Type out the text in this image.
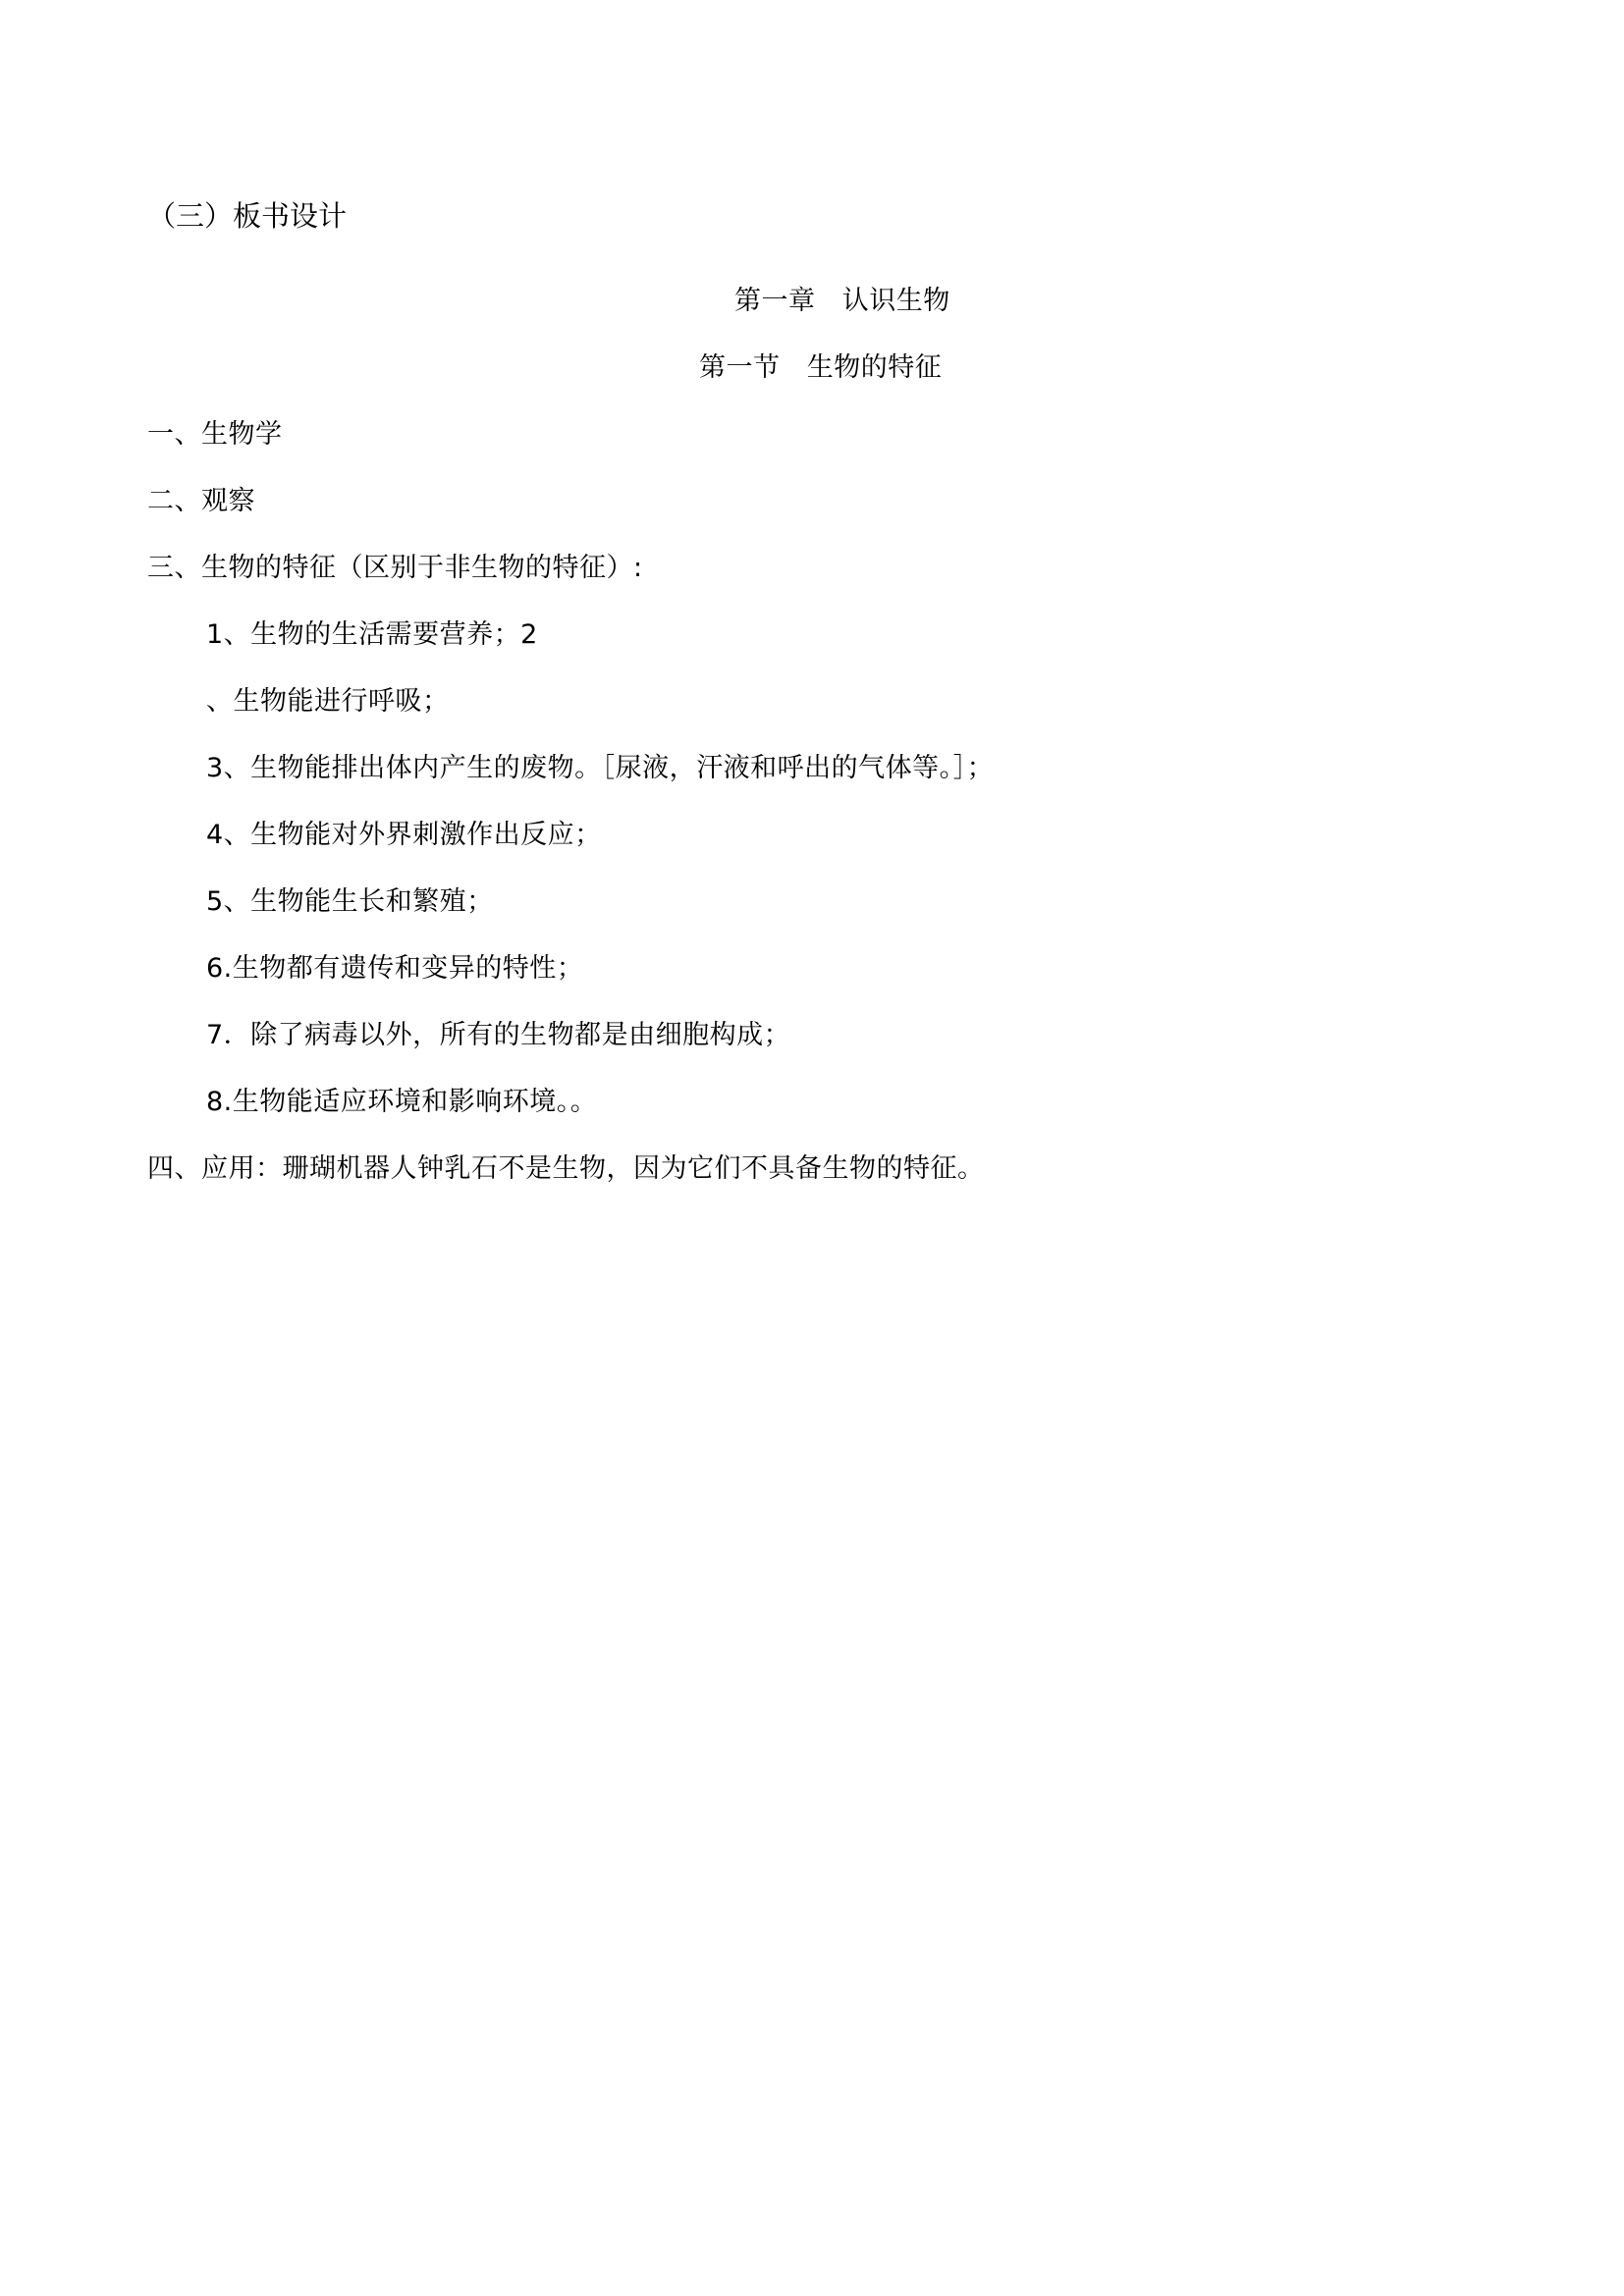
（三）板书设计
第一章   认识生物
第一节   生物的特征
一、生物学
二、观察
三、生物的特征（区别于非生物的特征）:
1、生物的生活需要营养；2
、生物能进行呼吸；
3、生物能排出体内产生的废物。［尿液，汗液和呼出的气体等。］；
4、生物能对外界刺激作出反应；
5、生物能生长和繁殖；
6.生物都有遗传和变异的特性；
7．除了病毒以外，所有的生物都是由细胞构成；
8.生物能适应环境和影响环境。。
四、应用：珊瑚机器人钟乳石不是生物，因为它们不具备生物的特征。
